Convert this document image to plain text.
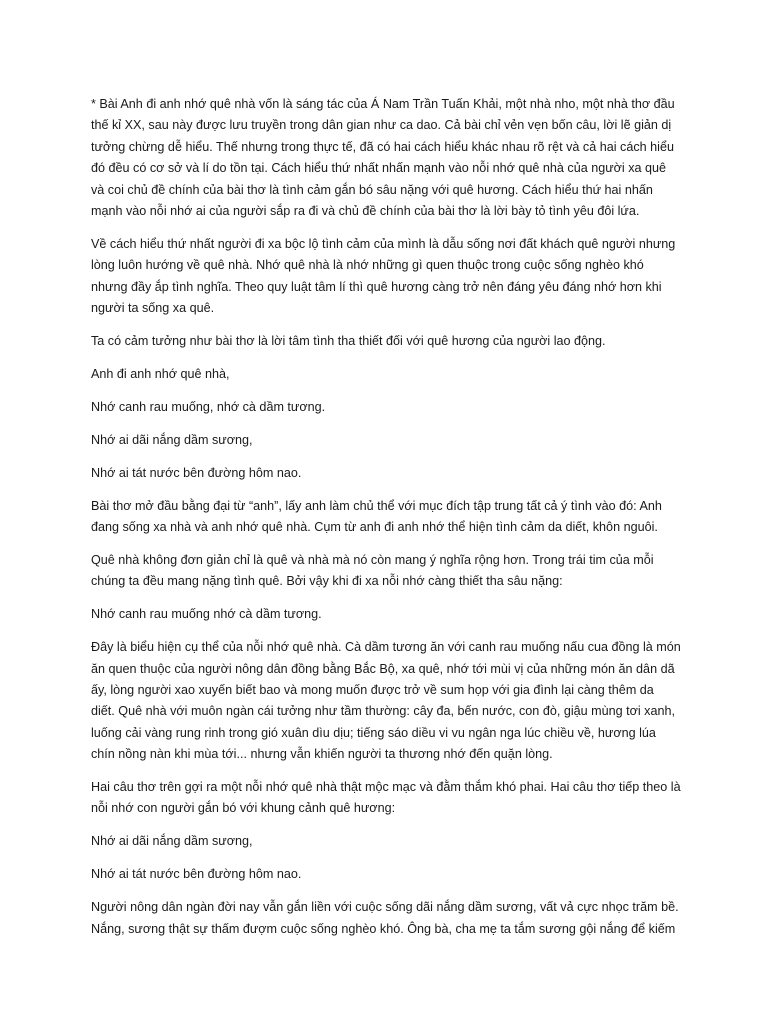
* Bài Anh đi anh nhớ quê nhà vốn là sáng tác của Á Nam Trần Tuấn Khải, một nhà nho, một nhà thơ đầu thế kỉ XX, sau này được lưu truyền trong dân gian như ca dao. Cả bài chỉ vẻn vẹn bốn câu, lời lẽ giản dị tưởng chừng dễ hiểu. Thế nhưng trong thực tế, đã có hai cách hiểu khác nhau rõ rệt và cả hai cách hiểu đó đều có cơ sở và lí do tồn tại. Cách hiểu thứ nhất nhấn mạnh vào nỗi nhớ quê nhà của người xa quê và coi chủ đề chính của bài thơ là tình cảm gắn bó sâu nặng với quê hương. Cách hiểu thứ hai nhấn mạnh vào nỗi nhớ ai của người sắp ra đi và chủ đề chính của bài thơ là lời bày tỏ tình yêu đôi lứa.

Về cách hiểu thứ nhất người đi xa bộc lộ tình cảm của mình là dẫu sống nơi đất khách quê người nhưng lòng luôn hướng về quê nhà. Nhớ quê nhà là nhớ những gì quen thuộc trong cuộc sống nghèo khó nhưng đầy ắp tình nghĩa. Theo quy luật tâm lí thì quê hương càng trở nên đáng yêu đáng nhớ hơn khi người ta sống xa quê.

Ta có cảm tưởng như bài thơ là lời tâm tình tha thiết đối với quê hương của người lao động.

Anh đi anh nhớ quê nhà,

Nhớ canh rau muống, nhớ cà dầm tương.

Nhớ ai dãi nắng dầm sương,

Nhớ ai tát nước bên đường hôm nao.

Bài thơ mở đầu bằng đại từ “anh”, lấy anh làm chủ thể với mục đích tập trung tất cả ý tình vào đó: Anh đang sống xa nhà và anh nhớ quê nhà. Cụm từ anh đi anh nhớ thể hiện tình cảm da diết, khôn nguôi.

Quê nhà không đơn giản chỉ là quê và nhà mà nó còn mang ý nghĩa rộng hơn. Trong trái tim của mỗi chúng ta đều mang nặng tình quê. Bởi vậy khi đi xa nỗi nhớ càng thiết tha sâu nặng:

Nhớ canh rau muống nhớ cà dầm tương.

Đây là biểu hiện cụ thể của nỗi nhớ quê nhà. Cà dầm tương ăn với canh rau muống nấu cua đồng là món ăn quen thuộc của người nông dân đồng bằng Bắc Bộ, xa quê, nhớ tới mùi vị của những món ăn dân dã ấy, lòng người xao xuyến biết bao và mong muốn được trở về sum họp với gia đình lại càng thêm da diết. Quê nhà với muôn ngàn cái tưởng như tầm thường: cây đa, bến nước, con đò, giậu mùng tơi xanh, luống cải vàng rung rinh trong gió xuân dìu dịu; tiếng sáo diều vi vu ngân nga lúc chiều về, hương lúa chín nồng nàn khi mùa tới... nhưng vẫn khiến người ta thương nhớ đến quặn lòng.

Hai câu thơ trên gợi ra một nỗi nhớ quê nhà thật mộc mạc và đằm thắm khó phai. Hai câu thơ tiếp theo là nỗi nhớ con người gắn bó với khung cảnh quê hương:

Nhớ ai dãi nắng dầm sương,

Nhớ ai tát nước bên đường hôm nao.

Người nông dân ngàn đời nay vẫn gắn liền với cuộc sống dãi nắng dầm sương, vất vả cực nhọc trăm bề. Nắng, sương thật sự thấm đượm cuộc sống nghèo khó. Ông bà, cha mẹ ta tắm sương gội nắng để kiếm
